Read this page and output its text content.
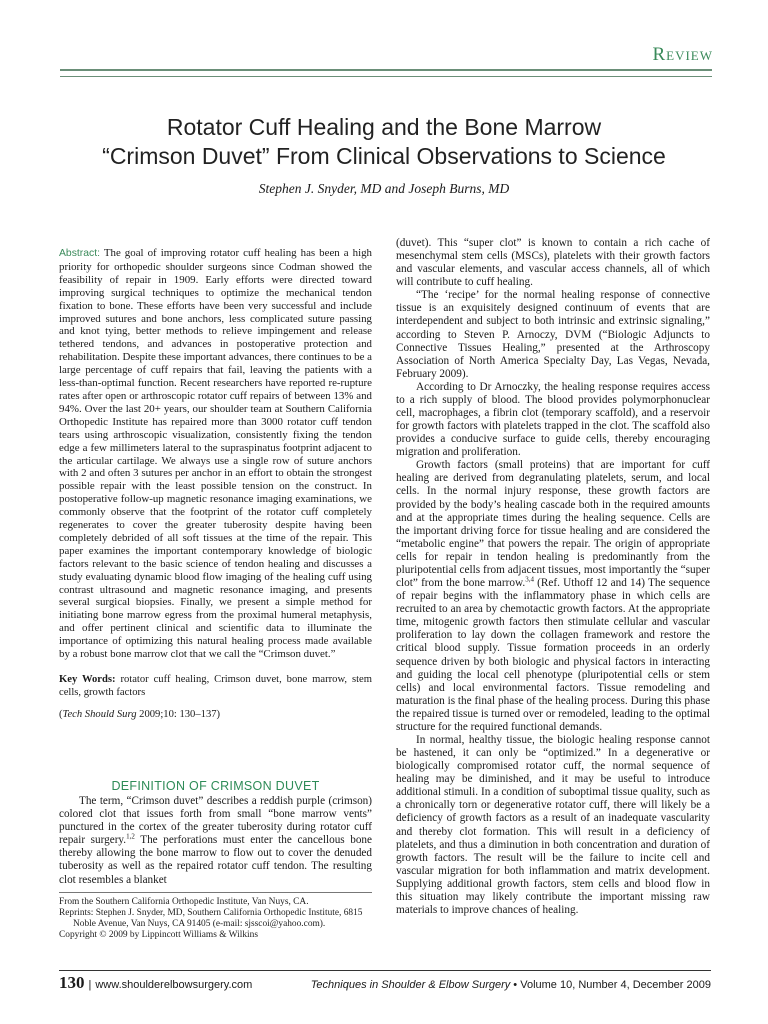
Review
Rotator Cuff Healing and the Bone Marrow
“Crimson Duvet” From Clinical Observations to Science
Stephen J. Snyder, MD and Joseph Burns, MD

Abstract: The goal of improving rotator cuff healing has been a high priority for orthopedic shoulder surgeons since Codman showed the feasibility of repair in 1909. Early efforts were directed toward improving surgical techniques to optimize the mechanical tendon fixation to bone. These efforts have been very successful and include improved sutures and bone anchors, less complicated suture passing and knot tying, better methods to relieve impingement and release tethered tendons, and advances in postoperative protection and rehabilitation. Despite these important advances, there continues to be a large percentage of cuff repairs that fail, leaving the patients with a less-than-optimal function. Recent researchers have reported re-rupture rates after open or arthroscopic rotator cuff repairs of between 13% and 94%. Over the last 20+ years, our shoulder team at Southern California Orthopedic Institute has repaired more than 3000 rotator cuff tendon tears using arthroscopic visualization, consistently fixing the tendon edge a few millimeters lateral to the supraspinatus footprint adjacent to the articular cartilage. We always use a single row of suture anchors with 2 and often 3 sutures per anchor in an effort to obtain the strongest possible repair with the least possible tension on the construct. In postoperative follow-up magnetic resonance imaging examinations, we commonly observe that the footprint of the rotator cuff completely regenerates to cover the greater tuberosity despite having been completely debrided of all soft tissues at the time of the repair. This paper examines the important contemporary knowledge of biologic factors relevant to the basic science of tendon healing and discusses a study evaluating dynamic blood flow imaging of the healing cuff using contrast ultrasound and magnetic resonance imaging, and presents several surgical biopsies. Finally, we present a simple method for initiating bone marrow egress from the proximal humeral metaphysis, and offer pertinent clinical and scientific data to illuminate the importance of optimizing this natural healing process made available by a robust bone marrow clot that we call the “Crimson duvet.”

Key Words: rotator cuff healing, Crimson duvet, bone marrow, stem cells, growth factors

(Tech Should Surg 2009;10: 130–137)
DEFINITION OF CRIMSON DUVET

The term, “Crimson duvet” describes a reddish purple (crimson) colored clot that issues forth from small “bone marrow vents” punctured in the cortex of the greater tuberosity during rotator cuff repair surgery.$^{1,2}$ The perforations must enter the cancellous bone thereby allowing the bone marrow to flow out to cover the denuded tuberosity as well as the repaired rotator cuff tendon. The resulting clot resembles a blanket

From the Southern California Orthopedic Institute, Van Nuys, CA.
Reprints: Stephen J. Snyder, MD, Southern California Orthopedic Institute, 6815 Noble Avenue, Van Nuys, CA 91405 (e-mail: sjsscoi@yahoo.com).
Copyright © 2009 by Lippincott Williams & Wilkins

(duvet). This “super clot” is known to contain a rich cache of mesenchymal stem cells (MSCs), platelets with their growth factors and vascular elements, and vascular access channels, all of which will contribute to cuff healing.

“The ‘recipe’ for the normal healing response of connective tissue is an exquisitely designed continuum of events that are interdependent and subject to both intrinsic and extrinsic signaling,” according to Steven P. Arnoczy, DVM (“Biologic Adjuncts to Connective Tissues Healing,” presented at the Arthroscopy Association of North America Specialty Day, Las Vegas, Nevada, February 2009).

According to Dr Arnoczky, the healing response requires access to a rich supply of blood. The blood provides polymorphonuclear cell, macrophages, a fibrin clot (temporary scaffold), and a reservoir for growth factors with platelets trapped in the clot. The scaffold also provides a conducive surface to guide cells, thereby encouraging migration and proliferation.

Growth factors (small proteins) that are important for cuff healing are derived from degranulating platelets, serum, and local cells. In the normal injury response, these growth factors are provided by the body’s healing cascade both in the required amounts and at the appropriate times during the healing sequence. Cells are the important driving force for tissue healing and are considered the “metabolic engine” that powers the repair. The origin of appropriate cells for repair in tendon healing is predominantly from the pluripotential cells from adjacent tissues, most importantly the “super clot” from the bone marrow.$^{3,4}$ (Ref. Uthoff 12 and 14) The sequence of repair begins with the inflammatory phase in which cells are recruited to an area by chemotactic growth factors. At the appropriate time, mitogenic growth factors then stimulate cellular and vascular proliferation to lay down the collagen framework and restore the critical blood supply. Tissue formation proceeds in an orderly sequence driven by both biologic and physical factors in interacting and guiding the local cell phenotype (pluripotential cells or stem cells) and local environmental factors. Tissue remodeling and maturation is the final phase of the healing process. During this phase the repaired tissue is turned over or remodeled, leading to the optimal structure for the required functional demands.

In normal, healthy tissue, the biologic healing response cannot be hastened, it can only be “optimized.” In a degenerative or biologically compromised rotator cuff, the normal sequence of healing may be diminished, and it may be useful to introduce additional stimuli. In a condition of suboptimal tissue quality, such as a chronically torn or degenerative rotator cuff, there will likely be a deficiency of growth factors as a result of an inadequate vascularity and thereby clot formation. This will result in a deficiency of platelets, and thus a diminution in both concentration and duration of growth factors. The result will be the failure to incite cell and vascular migration for both inflammation and matrix development. Supplying additional growth factors, stem cells and blood flow in this situation may likely contribute the important missing raw materials to improve chances of healing.

130 | www.shoulderelbowsurgery.com	Techniques in Shoulder & Elbow Surgery • Volume 10, Number 4, December 2009
